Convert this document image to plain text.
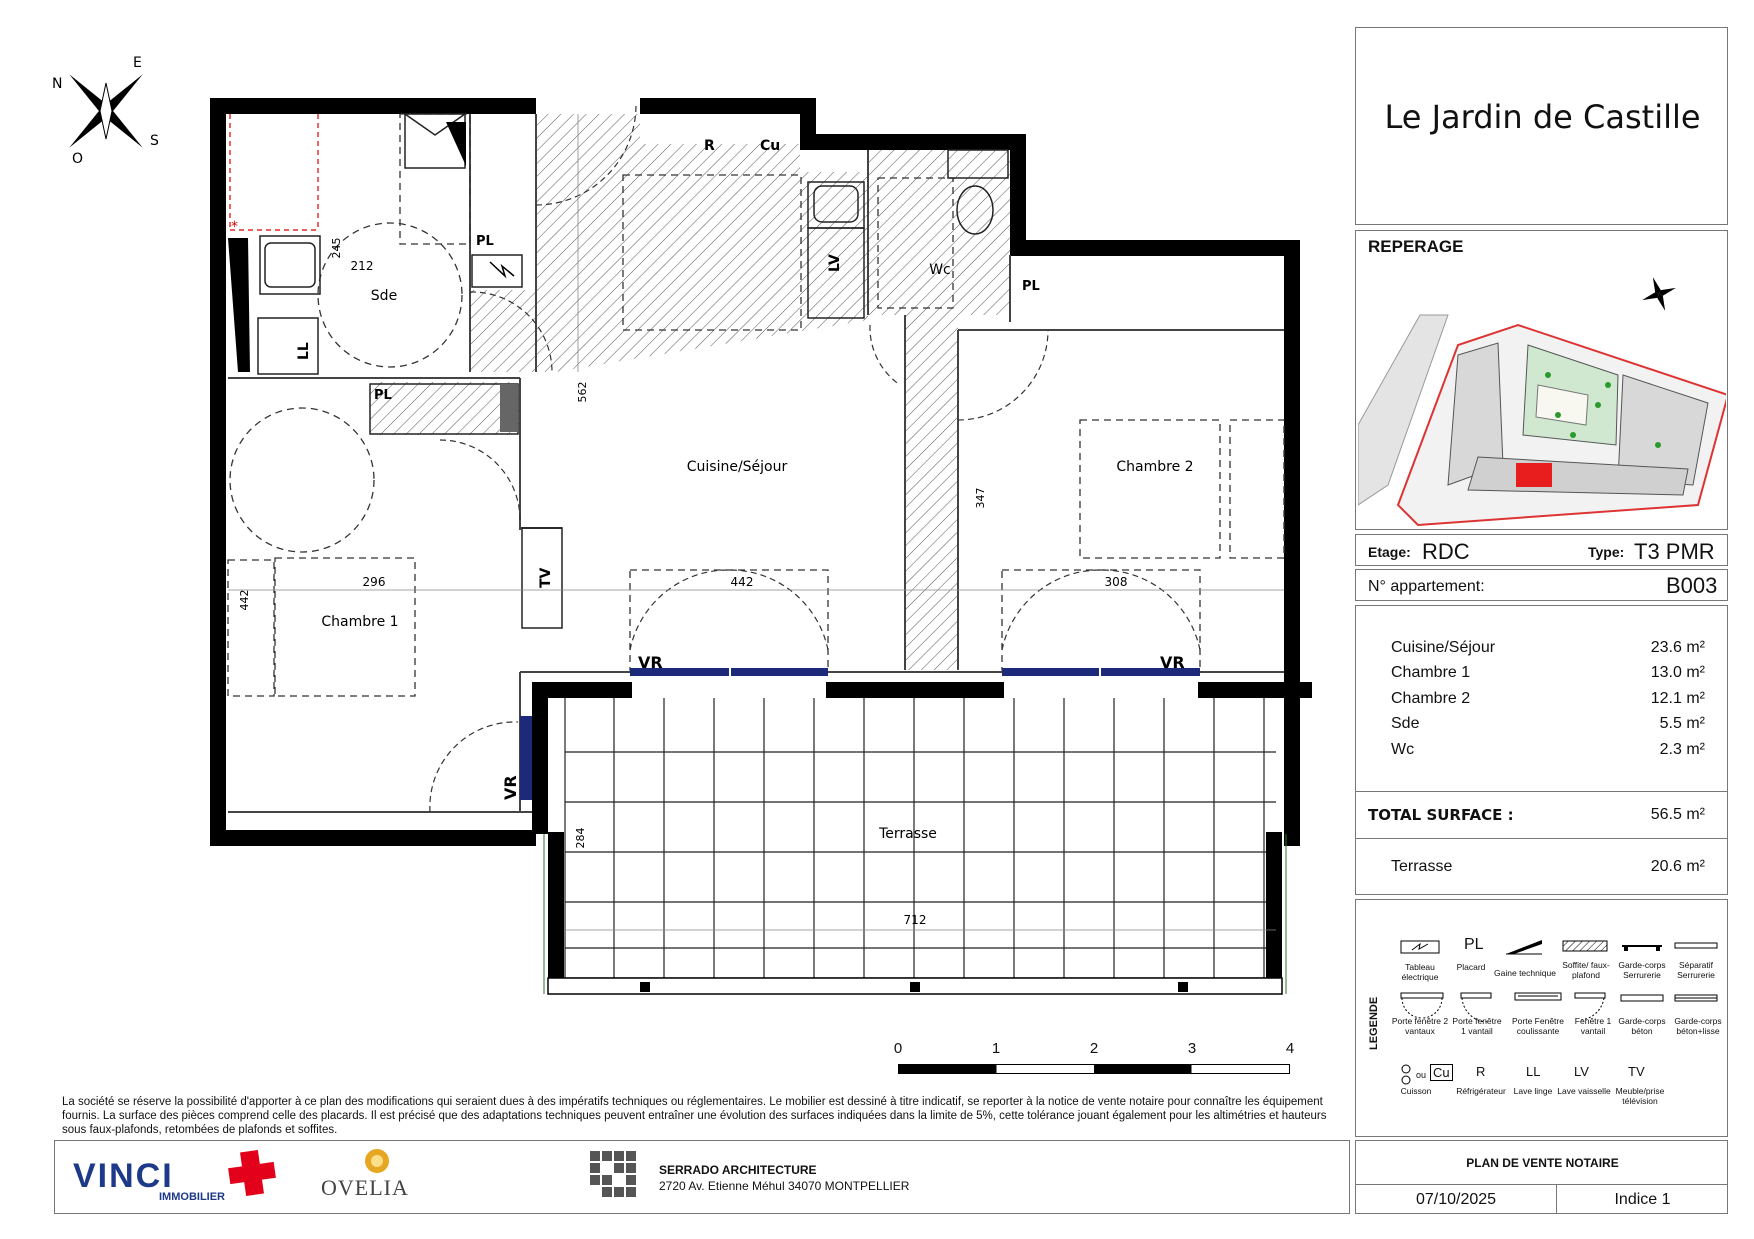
*
Sde
Wc
Chambre 1
Chambre 2
Cuisine/Séjour
Terrasse
212
245
562
347
442
296	442	308
284
712
PL
PL
PL
R	Cu
LL
LV
TV
VR	VR
VR
N
E
S
O
0	1	2	3	4
La société se réserve la possibilité d'apporter à ce plan des modifications qui seraient dues à des impératifs techniques ou réglementaires. Le mobilier est dessiné à titre indicatif, se reporter à la notice de vente notaire pour connaître les équipement fournis. La surface des pièces comprend celle des placards. Il est précisé que des adaptations techniques peuvent entraîner une évolution des surfaces indiquées dans la limite de 5%, cette tolérance jouant également pour les altimétries et hauteurs sous faux-plafonds, retombées de plafonds et soffites.
VINCI
IMMOBILIER	OVELIA
SERRADO ARCHITECTURE
2720 Av. Etienne Méhul 34070 MONTPELLIER
Le Jardin de Castille
REPERAGE
Etage: RDC	Type: T3 PMR
N° appartement:	B003
Cuisine/Séjour	23.6 m²
Chambre 1	13.0 m²
Chambre 2	12.1 m²
Sde	5.5 m²
Wc	2.3 m²
TOTAL SURFACE :	56.5 m²
Terrasse	20.6 m²
LEGENDE
PL
Tableau électrique
Placard
Gaine technique
Soffite/ faux-plafond
Garde-corps Serrurerie
Séparatif Serrurerie
Porte fenêtre 2 vantaux
Porte fenêtre 1 vantail
Porte Fenêtre coulissante
Fenêtre 1 vantail
Garde-corps béton
Garde-corps béton+lisse
ou Cu R	LL	LV	TV
Cuisson	Réfrigérateur Lave linge Lave vaisselle Meuble/prise télévision
PLAN DE VENTE NOTAIRE
07/10/2025	Indice 1
